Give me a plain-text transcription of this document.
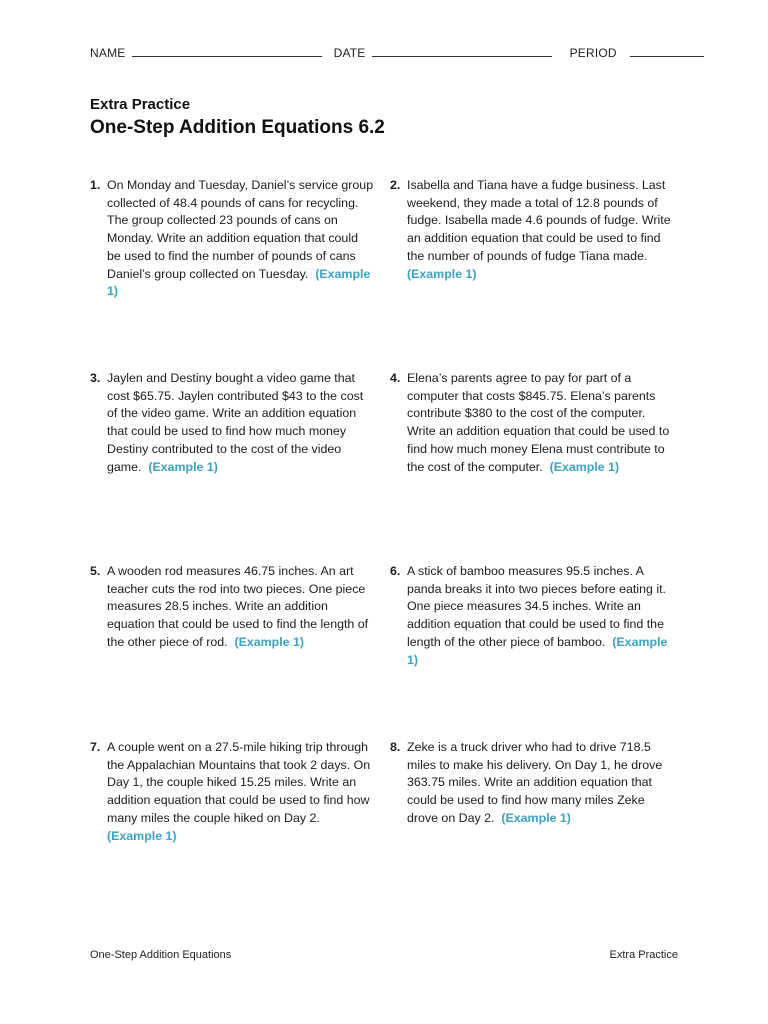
NAME	DATE	PERIOD

Extra Practice

One-Step Addition Equations 6.2

1. On Monday and Tuesday, Daniel’s service group collected of 48.4 pounds of cans for recycling. The group collected 23 pounds of cans on Monday. Write an addition equation that could be used to find the number of pounds of cans Daniel’s group collected on Tuesday. (Example 1)
2. Isabella and Tiana have a fudge business. Last weekend, they made a total of 12.8 pounds of fudge. Isabella made 4.6 pounds of fudge. Write an addition equation that could be used to find the number of pounds of fudge Tiana made.  (Example 1)
3. Jaylen and Destiny bought a video game that cost $65.75. Jaylen contributed $43 to the cost of the video game. Write an addition equation that could be used to find how much money Destiny contributed to the cost of the video game. (Example 1)
4. Elena’s parents agree to pay for part of a computer that costs $845.75. Elena’s parents contribute $380 to the cost of the computer. Write an addition equation that could be used to find how much money Elena must contribute to the cost of the computer. (Example 1)
5. A wooden rod measures 46.75 inches. An art teacher cuts the rod into two pieces. One piece measures 28.5 inches. Write an addition equation that could be used to find the length of the other piece of rod. (Example 1)
6. A stick of bamboo measures 95.5 inches. A panda breaks it into two pieces before eating it. One piece measures 34.5 inches. Write an addition equation that could be used to find the length of the other piece of bamboo. (Example 1)
7. A couple went on a 27.5-mile hiking trip through the Appalachian Mountains that took 2 days. On Day 1, the couple hiked 15.25 miles. Write an addition equation that could be used to find how many miles the couple hiked on Day 2.  (Example 1)
8. Zeke is a truck driver who had to drive 718.5 miles to make his delivery. On Day 1, he drove 363.75 miles. Write an addition equation that could be used to find how many miles Zeke drove on Day 2. (Example 1)
One-Step Addition Equations	Extra Practice
